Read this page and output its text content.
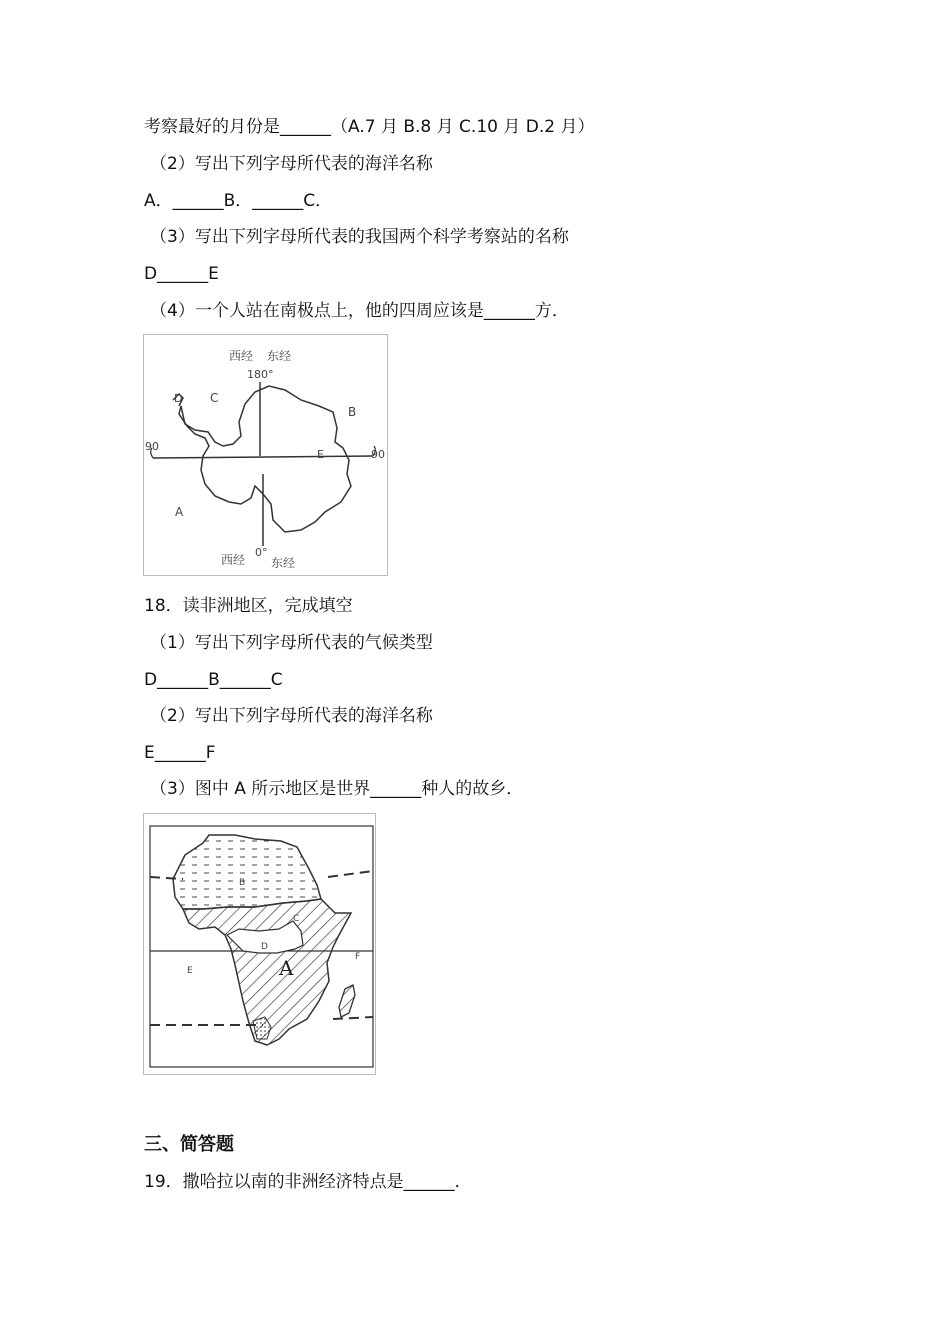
考察最好的月份是______（A.7 月 B.8 月 C.10 月 D.2 月）
（2）写出下列字母所代表的海洋名称
A．______B．______C．
（3）写出下列字母所代表的我国两个科学考察站的名称
D______E
（4）一个人站在南极点上，他的四周应该是______方．
西经 东经
180°
90
90
西经
0°
东经
A
B
C
D
E
18．读非洲地区，完成填空
（1）写出下列字母所代表的气候类型
D______B______C
（2）写出下列字母所代表的海洋名称
E______F
（3）图中 A 所示地区是世界______种人的故乡．
A
B
C
D
E
F
三、简答题
19．撒哈拉以南的非洲经济特点是______．
